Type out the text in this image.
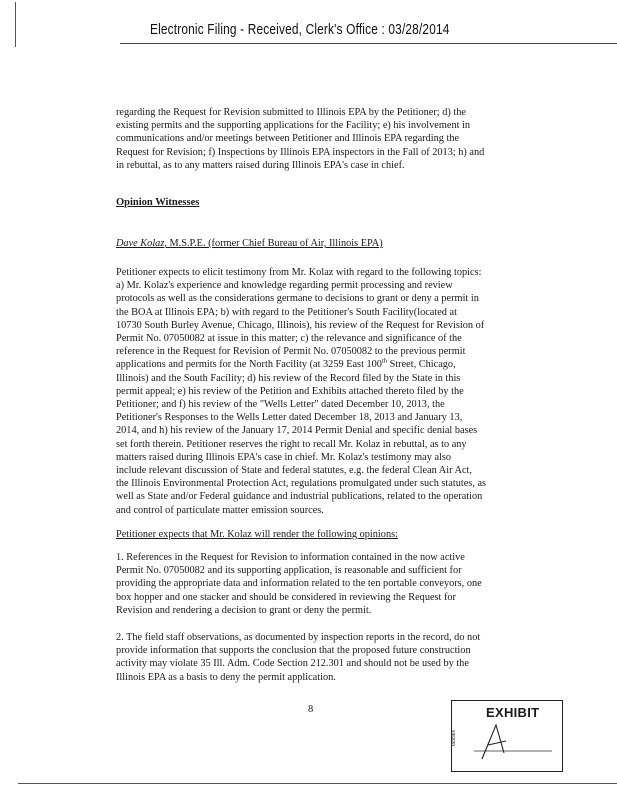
Electronic Filing - Received, Clerk's Office : 03/28/2014
regarding the Request for Revision submitted to Illinois EPA by the Petitioner; d) the
existing permits and the supporting applications for the Facility; e) his involvement in
communications and/or meetings between Petitioner and Illinois EPA regarding the
Request for Revision; f) Inspections by Illinois EPA inspectors in the Fall of 2013; h) and
in rebuttal, as to any matters raised during Illinois EPA's case in chief.
Opinion Witnesses
Dave Kolaz, M.S.P.E. (former Chief Bureau of Air, Illinois EPA)
Petitioner expects to elicit testimony from Mr. Kolaz with regard to the following topics:
a) Mr. Kolaz's experience and knowledge regarding permit processing and review
protocols as well as the considerations germane to decisions to grant or deny a permit in
the BOA at Illinois EPA; b) with regard to the Petitioner's South Facility(located at
10730 South Burley Avenue, Chicago, Illinois), his review of the Request for Revision of
Permit No. 07050082 at issue in this matter; c) the relevance and significance of the
reference in the Request for Revision of Permit No. 07050082 to the previous permit
applications and permits for the North Facility (at 3259 East 100th Street, Chicago,
Illinois) and the South Facility; d) his review of the Record filed by the State in this
permit appeal; e) his review of the Petition and Exhibits attached thereto filed by the
Petitioner; and f) his review of the "Wells Letter" dated December 10, 2013, the
Petitioner's Responses to the Wells Letter dated December 18, 2013 and January 13,
2014, and h) his review of the January 17, 2014 Permit Denial and specific denial bases
set forth therein. Petitioner reserves the right to recall Mr. Kolaz in rebuttal, as to any
matters raised during Illinois EPA's case in chief. Mr. Kolaz's testimony may also
include relevant discussion of State and federal statutes, e.g. the federal Clean Air Act,
the Illinois Environmental Protection Act, regulations promulgated under such statutes, as
well as State and/or Federal guidance and industrial publications, related to the operation
and control of particulate matter emission sources.
Petitioner expects that Mr. Kolaz will render the following opinions:
1. References in the Request for Revision to information contained in the now active
Permit No. 07050082 and its supporting application, is reasonable and sufficient for
providing the appropriate data and information related to the ten portable conveyors, one
box hopper and one stacker and should be considered in reviewing the Request for
Revision and rendering a decision to grant or deny the permit.
2. The field staff observations, as documented by inspection reports in the record, do not
provide information that supports the conclusion that the proposed future construction
activity may violate 35 Ill. Adm. Code Section 212.301 and should not be used by the
Illinois EPA as a basis to deny the permit application.
8	EXHIBIT
tabbles
